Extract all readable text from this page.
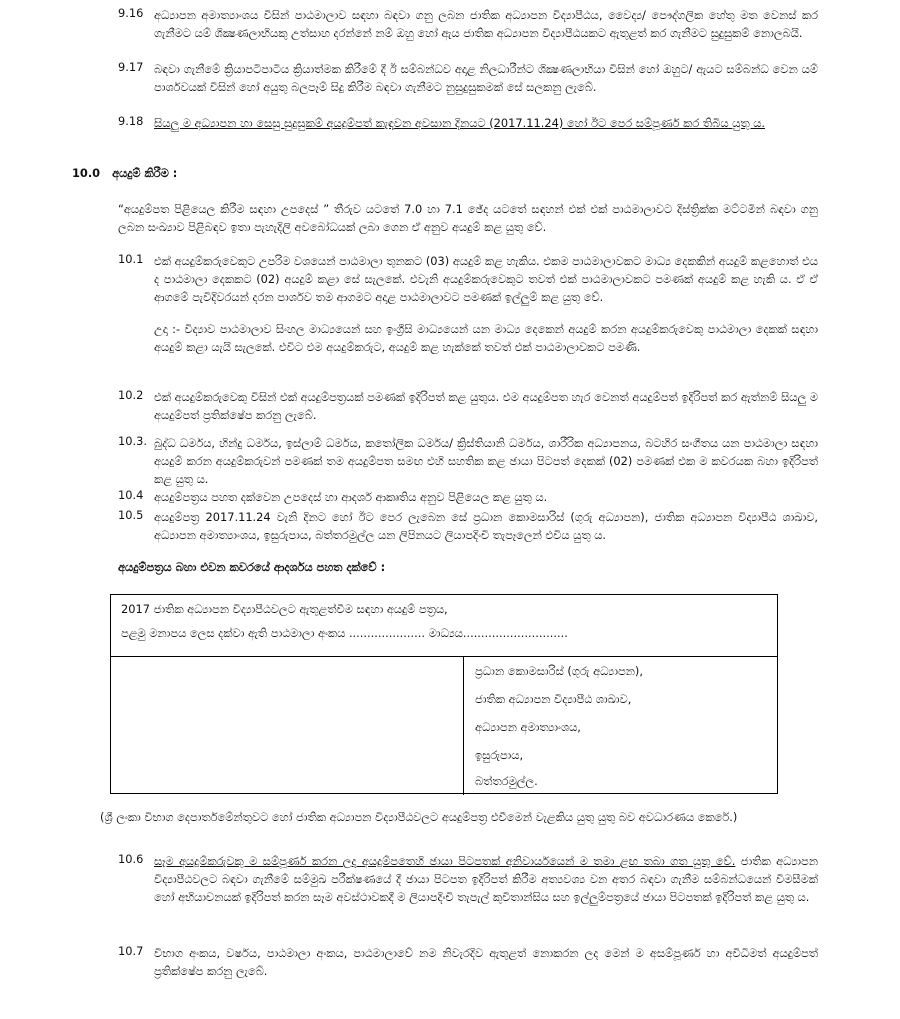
9.16 අධ්‍යාපන අමාත්‍යාංශය විසින් පාඨමාලාව සඳහා බඳවා ගනු ලබන ජාතික අධ්‍යාපන විද්‍යාපීඨය, වෛද්‍ය/ පෞද්ගලික හේතු මත වෙනස් කර ගැනීමට යම් ශික්‍ෂණලාභියකු උත්සාහ දරන්නේ නම් ඔහු හෝ ඇය ජාතික අධ්‍යාපන විද්‍යාපීඨයකට ඇතුළත් කර ගැනීමට සුදුසුකම් නොලබයි.
9.17 බඳවා ගැනීමේ ක්‍රියාපටිපාටිය ක්‍රියාත්මක කිරීමේ දී ඊ සම්බන්ධව අදාළ නිලධාරීන්ට ශික්‍ෂණලාභියා විසින් හෝ ඔහුට/ ඇයට සම්බන්ධ වෙන යම් පාර්ශවයක් විසින් හෝ අයුතු බලපෑම් සිදු කිරීම බඳවා ගැනීමට නුසුදුසුකමක් සේ සලකනු ලැබේ.
9.18 සියලු ම අධ්‍යාපන හා සෙසු සුදුසුකම් අයදුම්පත් කැඳවන අවසාන දිනයට (2017.11.24) හෝ ඊට පෙර සම්පූර්ණ කර තිබිය යුතු ය.
10.0 අයදුම් කිරීම :
“අයදුම්පත පිළියෙල කිරීම සඳහා උපදෙස් ” තීරුව යටතේ 7.0 හා 7.1 ඡේද යටතේ සඳහන් එක් එක් පාඨමාලාවට දිස්ත්‍රික්ක මට්ටමින් බඳවා ගනු ලබන සංඛ්‍යාව පිළිබඳව ඉතා පැහැදිලි අවබෝධයක් ලබා ගෙන ඒ අනුව අයදුම් කළ යුතු වේ.
10.1 එක් අයදුම්කරුවෙකුට උපරිම වශයෙන් පාඨමාලා තුනකට (03) අයදුම් කළ හැකිය. එකම පාඨමාලාවකට මාධ්‍ය දෙකකින් අයදුම් කළහොත් එය ද පාඨමාලා දෙකකට (02) අයදුම් කළා සේ සැලකේ. එවැනි අයදුම්කරුවෙකුට තවත් එක් පාඨමාලාවකට පමණක් අයදුම් කළ හැකි ය. ඒ ඒ ආගමේ පැවිදිවරයන් දරන පාර්ශව තම ආගමට අදාළ පාඨමාලාවට පමණක් ඉල්ලුම් කළ යුතු වේ.
උදා :- විද්‍යාව පාඨමාලාව සිංහල මාධ්‍යයෙන් සහ ඉංග්‍රීසි මාධ්‍යයෙන් යන මාධ්‍ය දෙකෙන් අයදුම් කරන අයදුම්කරුවෙකු පාඨමාලා දෙකක් සඳහා අයදුම් කළා යැයි සැලකේ. එවිට එම අයදුම්කරුට, අයදුම් කළ හැක්කේ තවත් එක් පාඨමාලාවකට පමණි.
10.2 එක් අයදුම්කරුවෙකු විසින් එක් අයදුම්පත්‍රයක් පමණක් ඉදිරිපත් කළ යුතුය. එම අයදුම්පත හැර වෙනත් අයදුම්පත් ඉදිරිපත් කර ඇත්නම් සියලු ම අයදුම්පත් ප්‍රතික්ෂේප කරනු ලැබේ.
10.3. බුද්ධ ධර්මය, හින්දු ධර්මය, ඉස්ලාම් ධර්මය, කතෝලික ධර්මය/ ක්‍රිස්තියානි ධර්මය, ශාරීරික අධ්‍යාපනය, බටහිර සංගීතය යන පාඨමාලා සඳහා අයදුම් කරන අයදුම්කරුවන් පමණක් තම අයදුම්පත සමඟ එහි සහතික කළ ඡායා පිටපත් දෙකක් (02) පමණක් එක ම කවරයක බහා ඉදිරිපත් කළ යුතු ය.
10.4 අයදුම්පත්‍රය පහත දක්වෙන උපදෙස් හා ආදර්ශ ආකෘතිය අනුව පිළියෙල කළ යුතු ය.
10.5 අයදුම්පත්‍ර 2017.11.24 වැනි දිනට හෝ ඊට පෙර ලැබෙන සේ ප්‍රධාන කොමසාරිස් (ගුරු අධ්‍යාපන), ජාතික අධ්‍යාපන විද්‍යාපීඨ ශාඛාව, අධ්‍යාපන අමාත්‍යාංශය, ඉසුරුපාය, බත්තරමුල්ල යන ලිපිනයට ලියාපදිංචි තැපෑලෙන් එවිය යුතු ය.
අයදුම්පත්‍රය බහා එවන කවරයේ ආදර්ශය පහත දක්වේ :
2017 ජාතික අධ්‍යාපන විද්‍යාපීඨවලට ඇතුළත්වීම සඳහා අයදුම් පත්‍රය,
පළමු මනාපය ලෙස දක්වා ඇති පාඨමාලා අංකය ..................... මාධ්‍යය.............................
ප්‍රධාන කොමසාරිස් (ගුරු අධ්‍යාපන),
ජාතික අධ්‍යාපන විද්‍යාපීඨ ශාඛාව,
අධ්‍යාපන අමාත්‍යාංශය,
ඉසුරුපාය,
බත්තරමුල්ල.
(ශ්‍රී ලංකා විභාග දෙපාර්තමේන්තුවට හෝ ජාතික අධ්‍යාපන විද්‍යාපීඨවලට අයදුම්පත්‍ර එවීමෙන් වැළකිය යුතු යුතු බව අවධාරණය කෙරේ.)
10.6 සෑම අයදුම්කරුවකු ම සම්පූර්ණ කරන ලද අයදුම්පතෙහි ඡායා පිටපතක් අනිවාර්යයෙන් ම තමා ළඟ තබා ගත යුතු වේ. ජාතික අධ්‍යාපන විද්‍යාපීඨවලට බඳවා ගැනීමේ සම්මුඛ පරීක්ෂණයේ දී ඡායා පිටපත ඉදිරිපත් කිරීම අත්‍යවශ්‍ය වන අතර බඳවා ගැනීම සම්බන්ධයෙන් විමසීමක් හෝ අභියාචනයක් ඉදිරිපත් කරන සෑම අවස්ථාවකදී ම ලියාපදිංචි තැපැල් කුවිතාන්සිය සහ ඉල්ලුම්පත්‍රයේ ඡායා පිටපතක් ඉදිරිපත් කළ යුතු ය.
10.7 විභාග අංකය, වර්ෂය, පාඨමාලා අංකය, පාඨමාලාවේ නම නිවැරදිව ඇතුළත් නොකරන ලද මෙන් ම අසම්පූර්ණ හා අවිධිමත් අයදුම්පත් ප්‍රතික්ෂේප කරනු ලැබේ.
